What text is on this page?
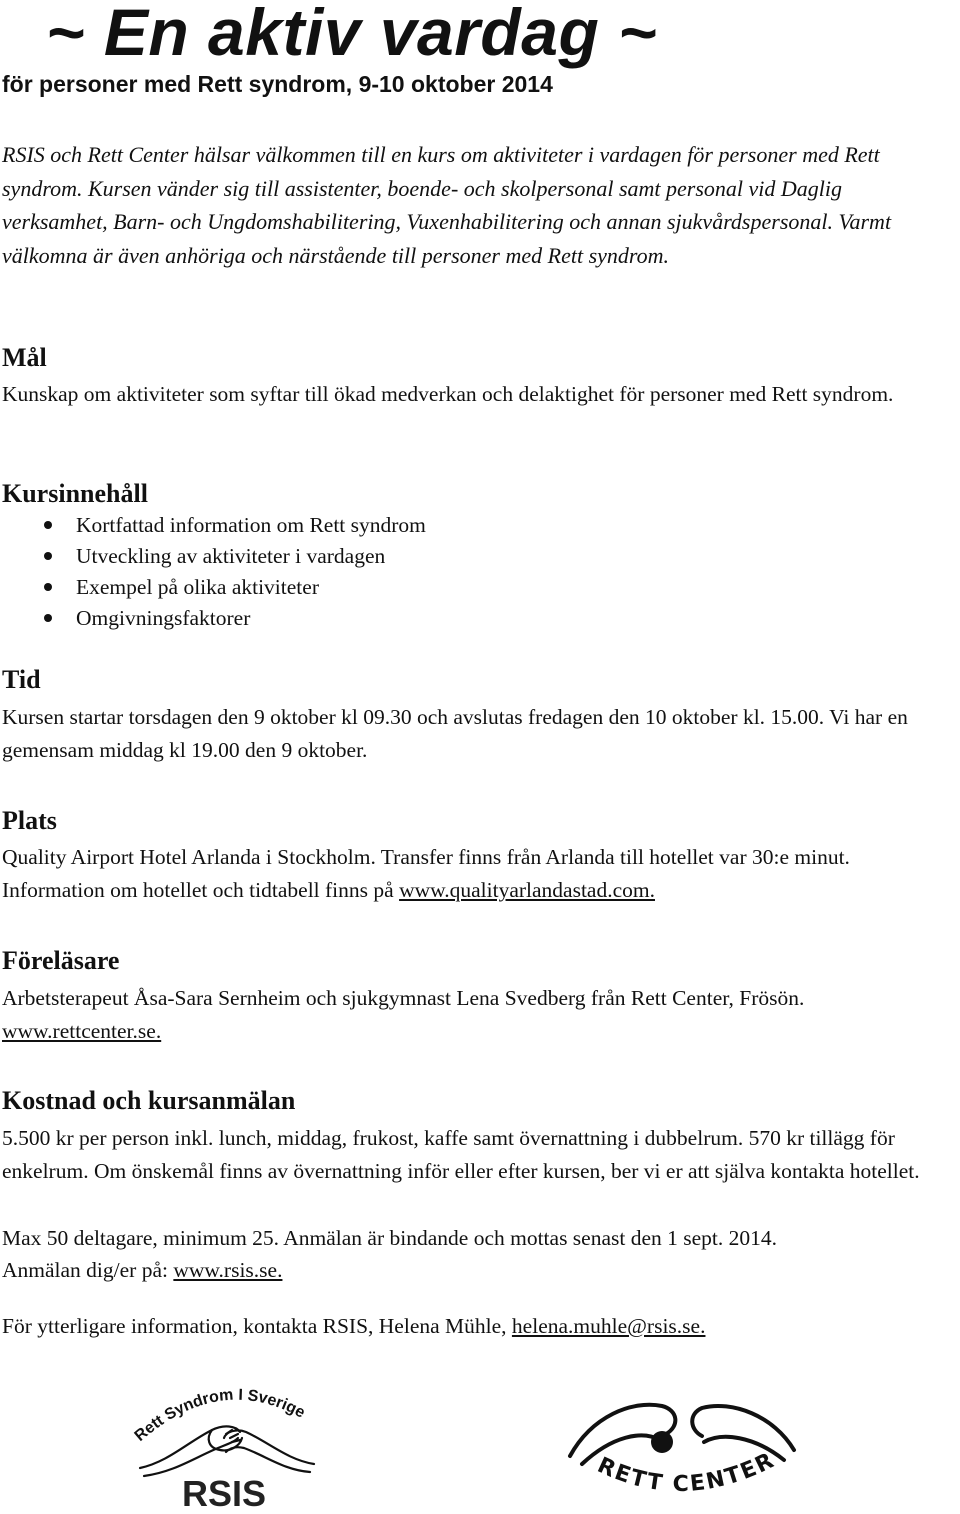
~ En aktiv vardag ~
för personer med Rett syndrom, 9-10 oktober 2014

RSIS och Rett Center hälsar välkommen till en kurs om aktiviteter i vardagen för personer med Rett syndrom. Kursen vänder sig till assistenter, boende- och skolpersonal samt personal vid Daglig verksamhet, Barn- och Ungdomshabilitering, Vuxenhabilitering och annan sjukvårdspersonal. Varmt välkomna är även anhöriga och närstående till personer med Rett syndrom.

Mål

Kunskap om aktiviteter som syftar till ökad medverkan och delaktighet för personer med Rett syndrom.

Kursinnehåll
Kortfattad information om Rett syndrom
Utveckling av aktiviteter i vardagen
Exempel på olika aktiviteter
Omgivningsfaktorer
Tid

Kursen startar torsdagen den 9 oktober kl 09.30 och avslutas fredagen den 10 oktober kl. 15.00. Vi har en gemensam middag kl 19.00 den 9 oktober.

Plats

Quality Airport Hotel Arlanda i Stockholm. Transfer finns från Arlanda till hotellet var 30:e minut. Information om hotellet och tidtabell finns på www.qualityarlandastad.com.

Föreläsare

Arbetsterapeut Åsa-Sara Sernheim och sjukgymnast Lena Svedberg från Rett Center, Frösön. www.rettcenter.se.

Kostnad och kursanmälan

5.500 kr per person inkl. lunch, middag, frukost, kaffe samt övernattning i dubbelrum. 570 kr tillägg för enkelrum. Om önskemål finns av övernattning inför eller efter kursen, ber vi er att själva kontakta hotellet.

Max 50 deltagare, minimum 25. Anmälan är bindande och mottas senast den 1 sept. 2014.

Anmälan dig/er på: www.rsis.se.

För ytterligare information, kontakta RSIS, Helena Mühle, helena.muhle@rsis.se.

Rett Syndrom I Sverige
RSIS
RETT CENTER
